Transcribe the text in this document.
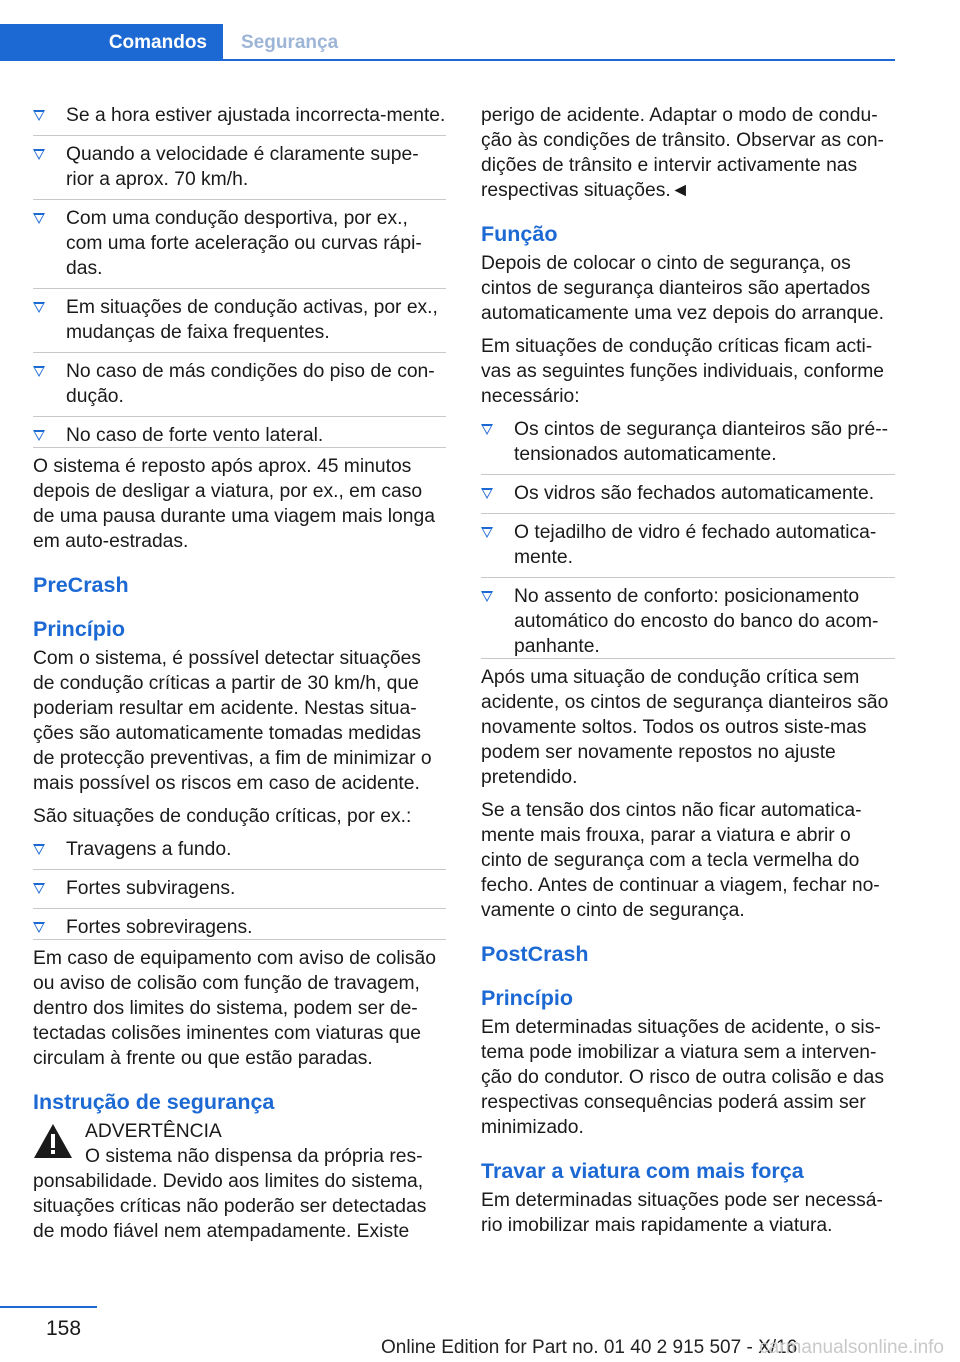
Comandos	Segurança
Se a hora estiver ajustada incorrecta-mente.
Quando a velocidade é claramente supe-rior a aprox. 70 km/h.
Com uma condução desportiva, por ex., com uma forte aceleração ou curvas rápi-das.
Em situações de condução activas, por ex., mudanças de faixa frequentes.
No caso de más condições do piso de con-dução.
No caso de forte vento lateral.

O sistema é reposto após aprox. 45 minutos depois de desligar a viatura, por ex., em caso de uma pausa durante uma viagem mais longa em auto-estradas.

PreCrash
Princípio

Com o sistema, é possível detectar situações de condução críticas a partir de 30 km/h, que poderiam resultar em acidente. Nestas situa-ções são automaticamente tomadas medidas de protecção preventivas, a fim de minimizar o mais possível os riscos em caso de acidente.

São situações de condução críticas, por ex.:

Travagens a fundo.
Fortes subviragens.
Fortes sobreviragens.

Em caso de equipamento com aviso de colisão ou aviso de colisão com função de travagem, dentro dos limites do sistema, podem ser de-tectadas colisões iminentes com viaturas que circulam à frente ou que estão paradas.

Instrução de segurança
ADVERTÊNCIA

O sistema não dispensa da própria res-ponsabilidade. Devido aos limites do sistema, situações críticas não poderão ser detectadas de modo fiável nem atempadamente. Existe

perigo de acidente. Adaptar o modo de condu-ção às condições de trânsito. Observar as con-dições de trânsito e intervir activamente nas respectivas situações.◄

Função

Depois de colocar o cinto de segurança, os cintos de segurança dianteiros são apertados automaticamente uma vez depois do arranque.

Em situações de condução críticas ficam acti-vas as seguintes funções individuais, conforme necessário:

Os cintos de segurança dianteiros são pré--tensionados automaticamente.
Os vidros são fechados automaticamente.
O tejadilho de vidro é fechado automatica-mente.
No assento de conforto: posicionamento automático do encosto do banco do acom-panhante.

Após uma situação de condução crítica sem acidente, os cintos de segurança dianteiros são novamente soltos. Todos os outros siste-mas podem ser novamente repostos no ajuste pretendido.

Se a tensão dos cintos não ficar automatica-mente mais frouxa, parar a viatura e abrir o cinto de segurança com a tecla vermelha do fecho. Antes de continuar a viagem, fechar no-vamente o cinto de segurança.

PostCrash
Princípio

Em determinadas situações de acidente, o sis-tema pode imobilizar a viatura sem a interven-ção do condutor. O risco de outra colisão e das respectivas consequências poderá assim ser minimizado.

Travar a viatura com mais força

Em determinadas situações pode ser necessá-rio imobilizar mais rapidamente a viatura.

158
Online Edition for Part no. 01 40 2 915 507 - X/16
carmanualsonline.info
